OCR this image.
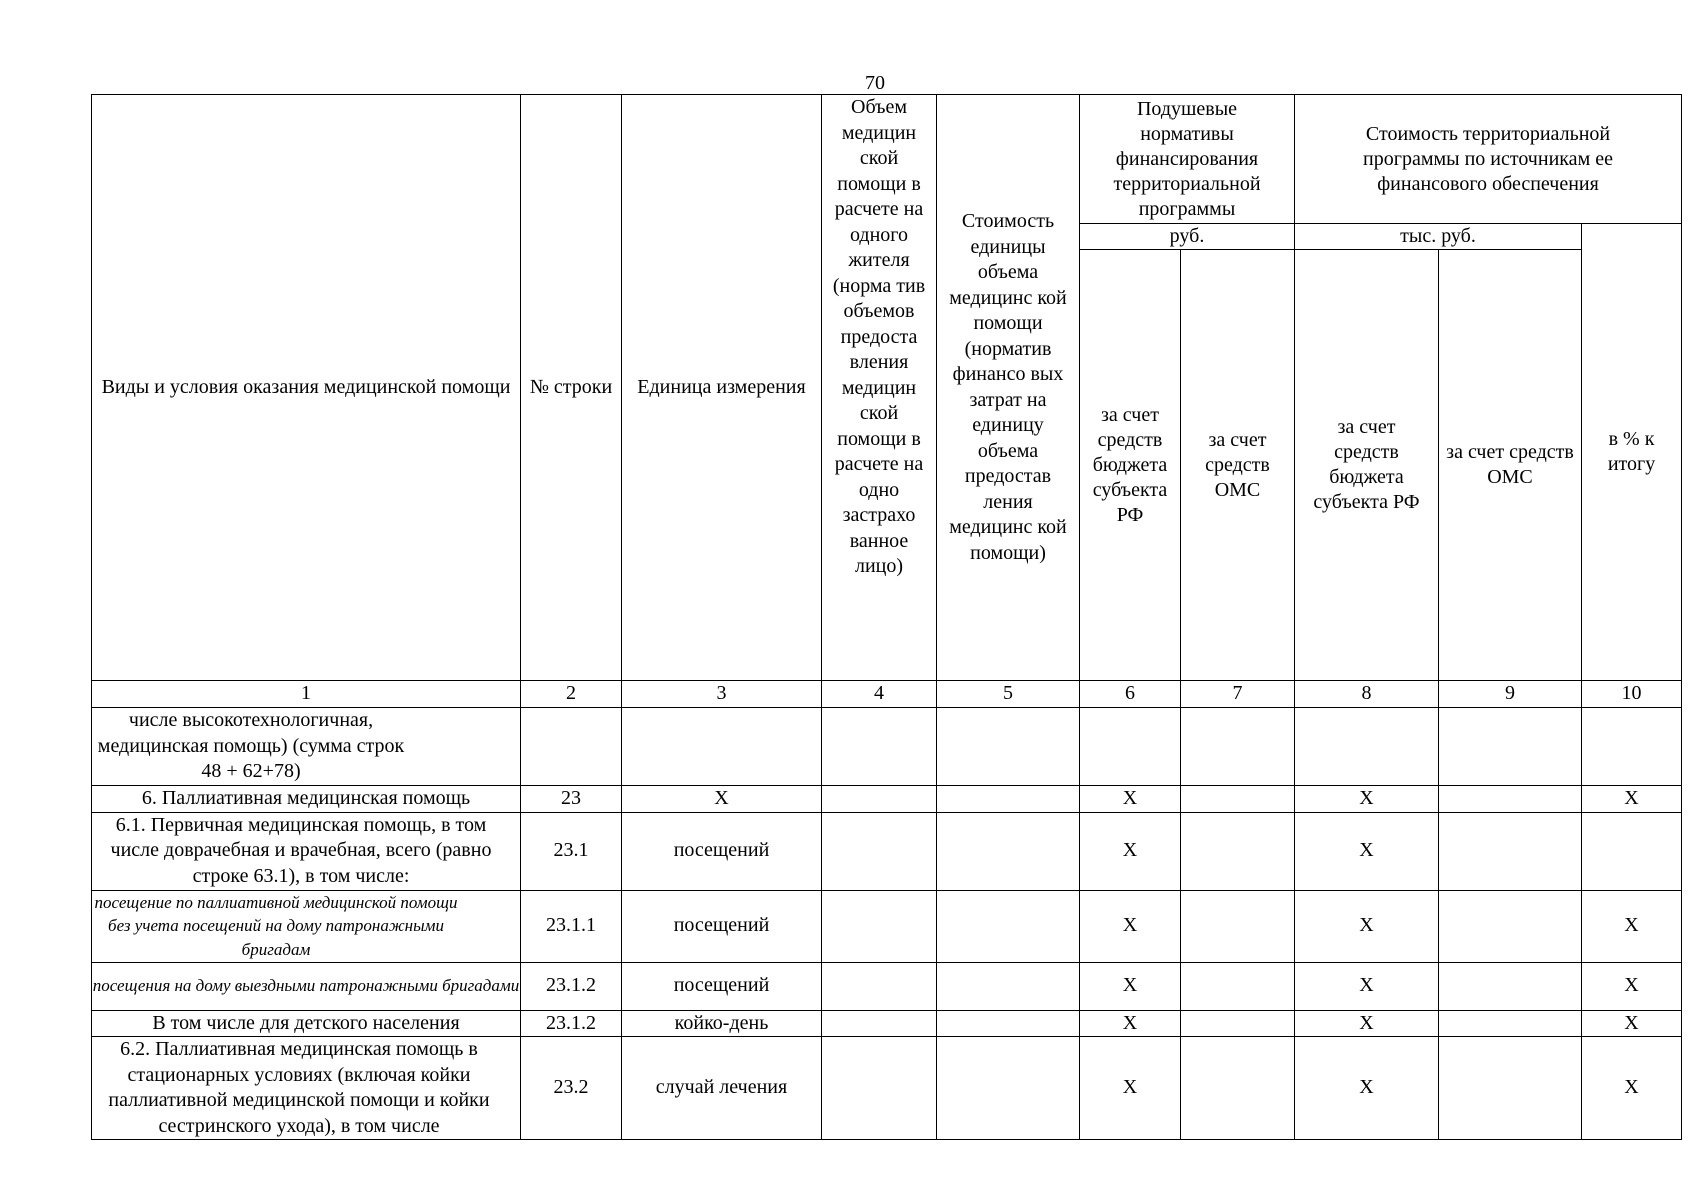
70
Виды и условия оказания медицинской помощи	№ строки	Единица измерения	Объем медицин ской помощи в расчете на одного жителя (норма тив объемов предоста вления медицин ской помощи в расчете на одно застрахо ванное лицо)	Стоимость единицы объема медицинс кой помощи (норматив финансо вых затрат на единицу объема предостав ления медицинс кой помощи)	Подушевые нормативы финансирования территориальной программы		Стоимость территориальной программы по источникам ее финансового обеспечения		
					руб.		тыс. руб.		в % к итогу
					за счет средств бюджета субъекта РФ	за счет средств ОМС	за счет средств бюджета субъекта РФ	за счет средств ОМС	
1	2	3	4	5	6	7	8	9	10
числе высокотехнологичная, медицинская помощь) (сумма строк 48 + 62+78)									
6. Паллиативная медицинская помощь	23	X			X		X		X
6.1. Первичная медицинская помощь, в том числе доврачебная и врачебная, всего (равно строке 63.1), в том числе:	23.1	посещений			X		X		
посещение по паллиативной медицинской помощи без учета посещений на дому патронажными бригадам	23.1.1	посещений			X		X		X
посещения на дому выездными патронажными бригадами	23.1.2	посещений			X		X		X
В том числе для детского населения	23.1.2	койко-день			X		X		X
6.2. Паллиативная медицинская помощь в стационарных условиях (включая койки паллиативной медицинской помощи и койки сестринского ухода), в том числе	23.2	случай лечения			X		X		X
